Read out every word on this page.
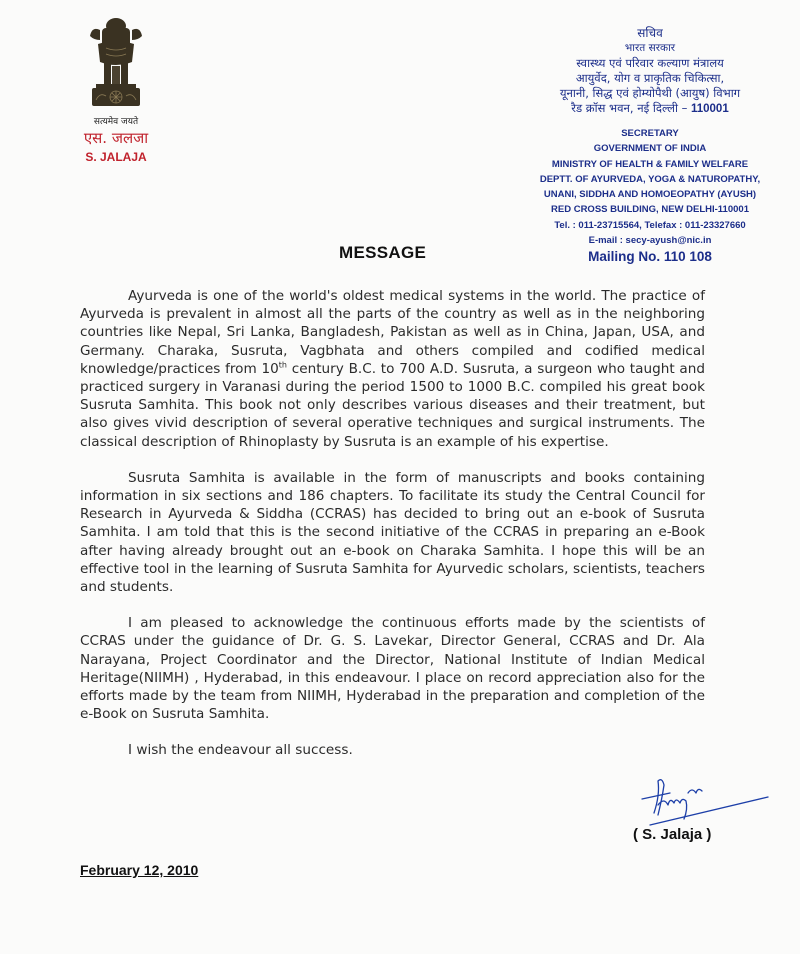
सत्यमेव जयते
एस. जलजा
S. JALAJA
सचिव
भारत सरकार
स्वास्थ्य एवं परिवार कल्याण मंत्रालय
आयुर्वेद, योग व प्राकृतिक चिकित्सा,
यूनानी, सिद्ध एवं होम्योपैथी (आयुष) विभाग
रैड क्रॉस भवन, नई दिल्ली – 110001
SECRETARY
GOVERNMENT OF INDIA
MINISTRY OF HEALTH & FAMILY WELFARE
DEPTT. OF AYURVEDA, YOGA & NATUROPATHY,
UNANI, SIDDHA AND HOMOEOPATHY (AYUSH)
RED CROSS BUILDING, NEW DELHI-110001
Tel. : 011-23715564, Telefax : 011-23327660
E-mail : secy-ayush@nic.in
Mailing No. 110 108
MESSAGE

Ayurveda is one of the world's oldest medical systems in the world. The practice of Ayurveda is prevalent in almost all the parts of the country as well as in the neighboring countries like Nepal, Sri Lanka, Bangladesh, Pakistan as well as in China, Japan, USA, and Germany. Charaka, Susruta, Vagbhata and others compiled and codified medical knowledge/practices from 10th century B.C. to 700 A.D. Susruta, a surgeon who taught and practiced surgery in Varanasi during the period 1500 to 1000 B.C. compiled his great book Susruta Samhita. This book not only describes various diseases and their treatment, but also gives vivid description of several operative techniques and surgical instruments. The classical description of Rhinoplasty by Susruta is an example of his expertise.

Susruta Samhita is available in the form of manuscripts and books containing information in six sections and 186 chapters. To facilitate its study the Central Council for Research in Ayurveda & Siddha (CCRAS) has decided to bring out an e-book of Susruta Samhita. I am told that this is the second initiative of the CCRAS in preparing an e-Book after having already brought out an e-book on Charaka Samhita. I hope this will be an effective tool in the learning of Susruta Samhita for Ayurvedic scholars, scientists, teachers and students.

I am pleased to acknowledge the continuous efforts made by the scientists of CCRAS under the guidance of Dr. G. S. Lavekar, Director General, CCRAS and Dr. Ala Narayana, Project Coordinator and the Director, National Institute of Indian Medical Heritage(NIIMH) , Hyderabad, in this endeavour. I place on record appreciation also for the efforts made by the team from NIIMH, Hyderabad in the preparation and completion of the e-Book on Susruta Samhita.

I wish the endeavour all success.

( S. Jalaja )
February 12, 2010
